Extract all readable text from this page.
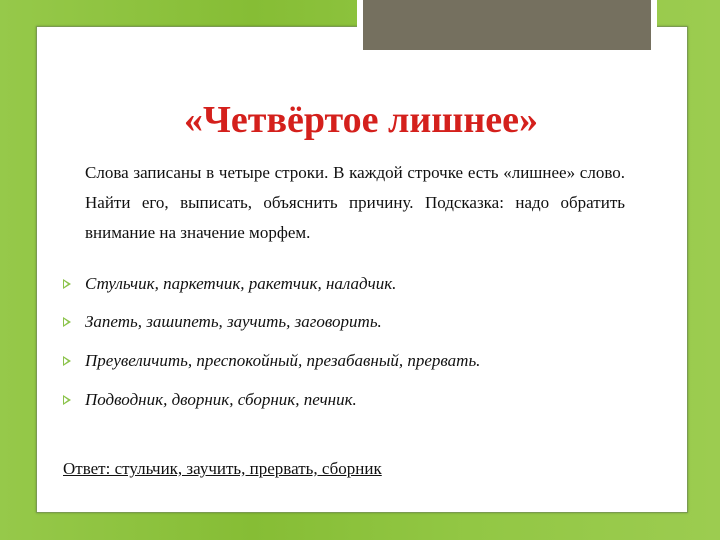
«Четвёртое лишнее»

Слова записаны в четыре строки. В каждой строчке есть «лишнее» слово. Найти его, выписать, объяснить причину. Подсказка: надо обратить внимание на значение морфем.

Стульчик, паркетчик, ракетчик, наладчик.
Запеть, зашипеть, заучить, заговорить.
Преувеличить, преспокойный, презабавный, прервать.
Подводник, дворник, сборник, печник.
Ответ: стульчик, заучить, прервать, сборник
